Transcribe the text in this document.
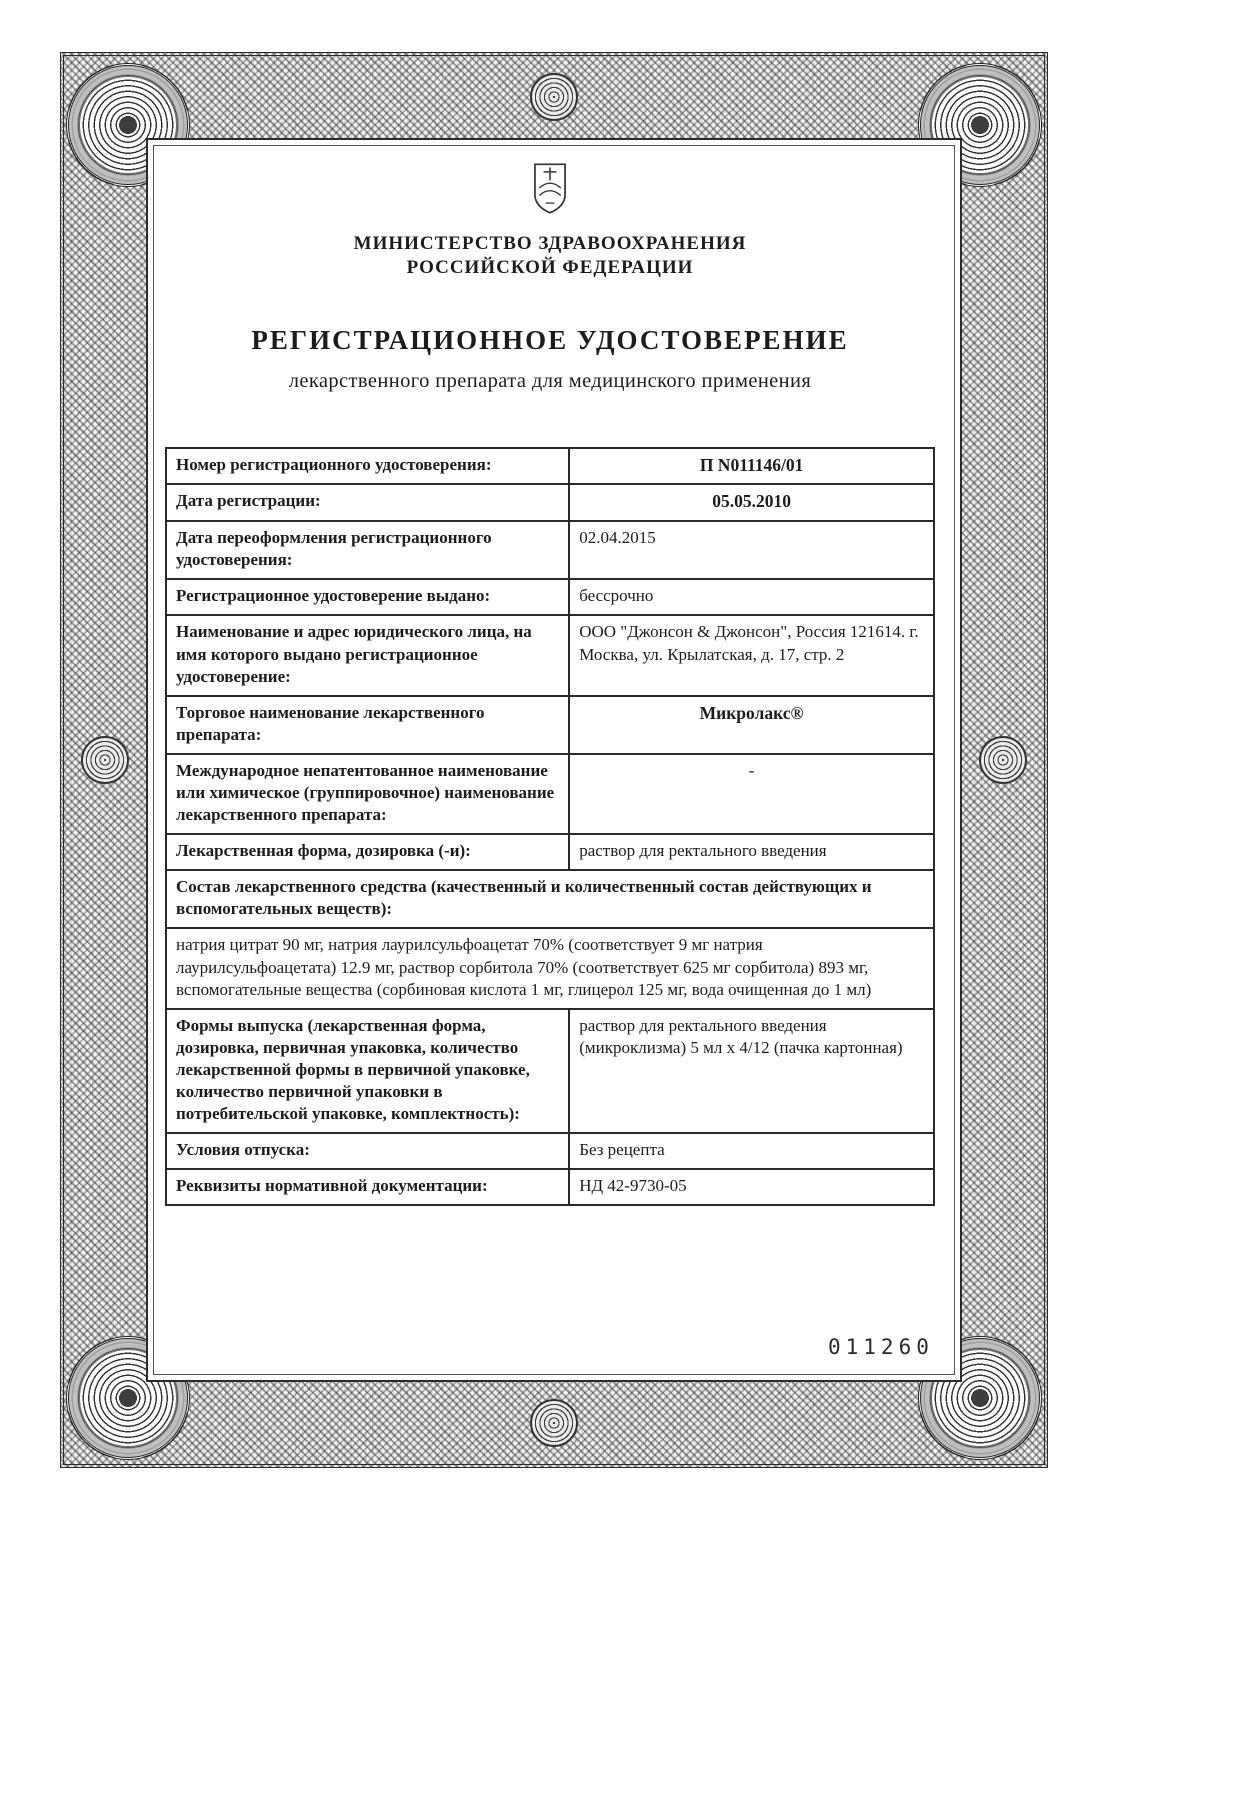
МИНИСТЕРСТВО ЗДРАВООХРАНЕНИЯ
РОССИЙСКОЙ ФЕДЕРАЦИИ
РЕГИСТРАЦИОННОЕ УДОСТОВЕРЕНИЕ
лекарственного препарата для медицинского применения
Номер регистрационного удостоверения:	П N011146/01
Дата регистрации:	05.05.2010
Дата переоформления регистрационного удостоверения:	02.04.2015
Регистрационное удостоверение выдано:	бессрочно
Наименование и адрес юридического лица, на имя которого выдано регистрационное удостоверение:	ООО "Джонсон & Джонсон", Россия 121614. г. Москва, ул. Крылатская, д. 17, стр. 2
Торговое наименование лекарственного препарата:	Микролакс®
Международное непатентованное наименование или химическое (группировочное) наименование лекарственного препарата:	-
Лекарственная форма, дозировка (-и):	раствор для ректального введения
Состав лекарственного средства (качественный и количественный состав действующих и вспомогательных веществ):	
натрия цитрат 90 мг, натрия лаурилсульфоацетат 70% (соответствует 9 мг натрия лаурилсульфоацетата) 12.9 мг, раствор сорбитола 70% (соответствует 625 мг сорбитола) 893 мг, вспомогательные вещества (сорбиновая кислота 1 мг, глицерол 125 мг, вода очищенная до 1 мл)	
Формы выпуска (лекарственная форма, дозировка, первичная упаковка, количество лекарственной формы в первичной упаковке, количество первичной упаковки в потребительской упаковке, комплектность):	раствор для ректального введения (микроклизма) 5 мл х 4/12 (пачка картонная)
Условия отпуска:	Без рецепта
Реквизиты нормативной документации:	НД 42-9730-05
011260
